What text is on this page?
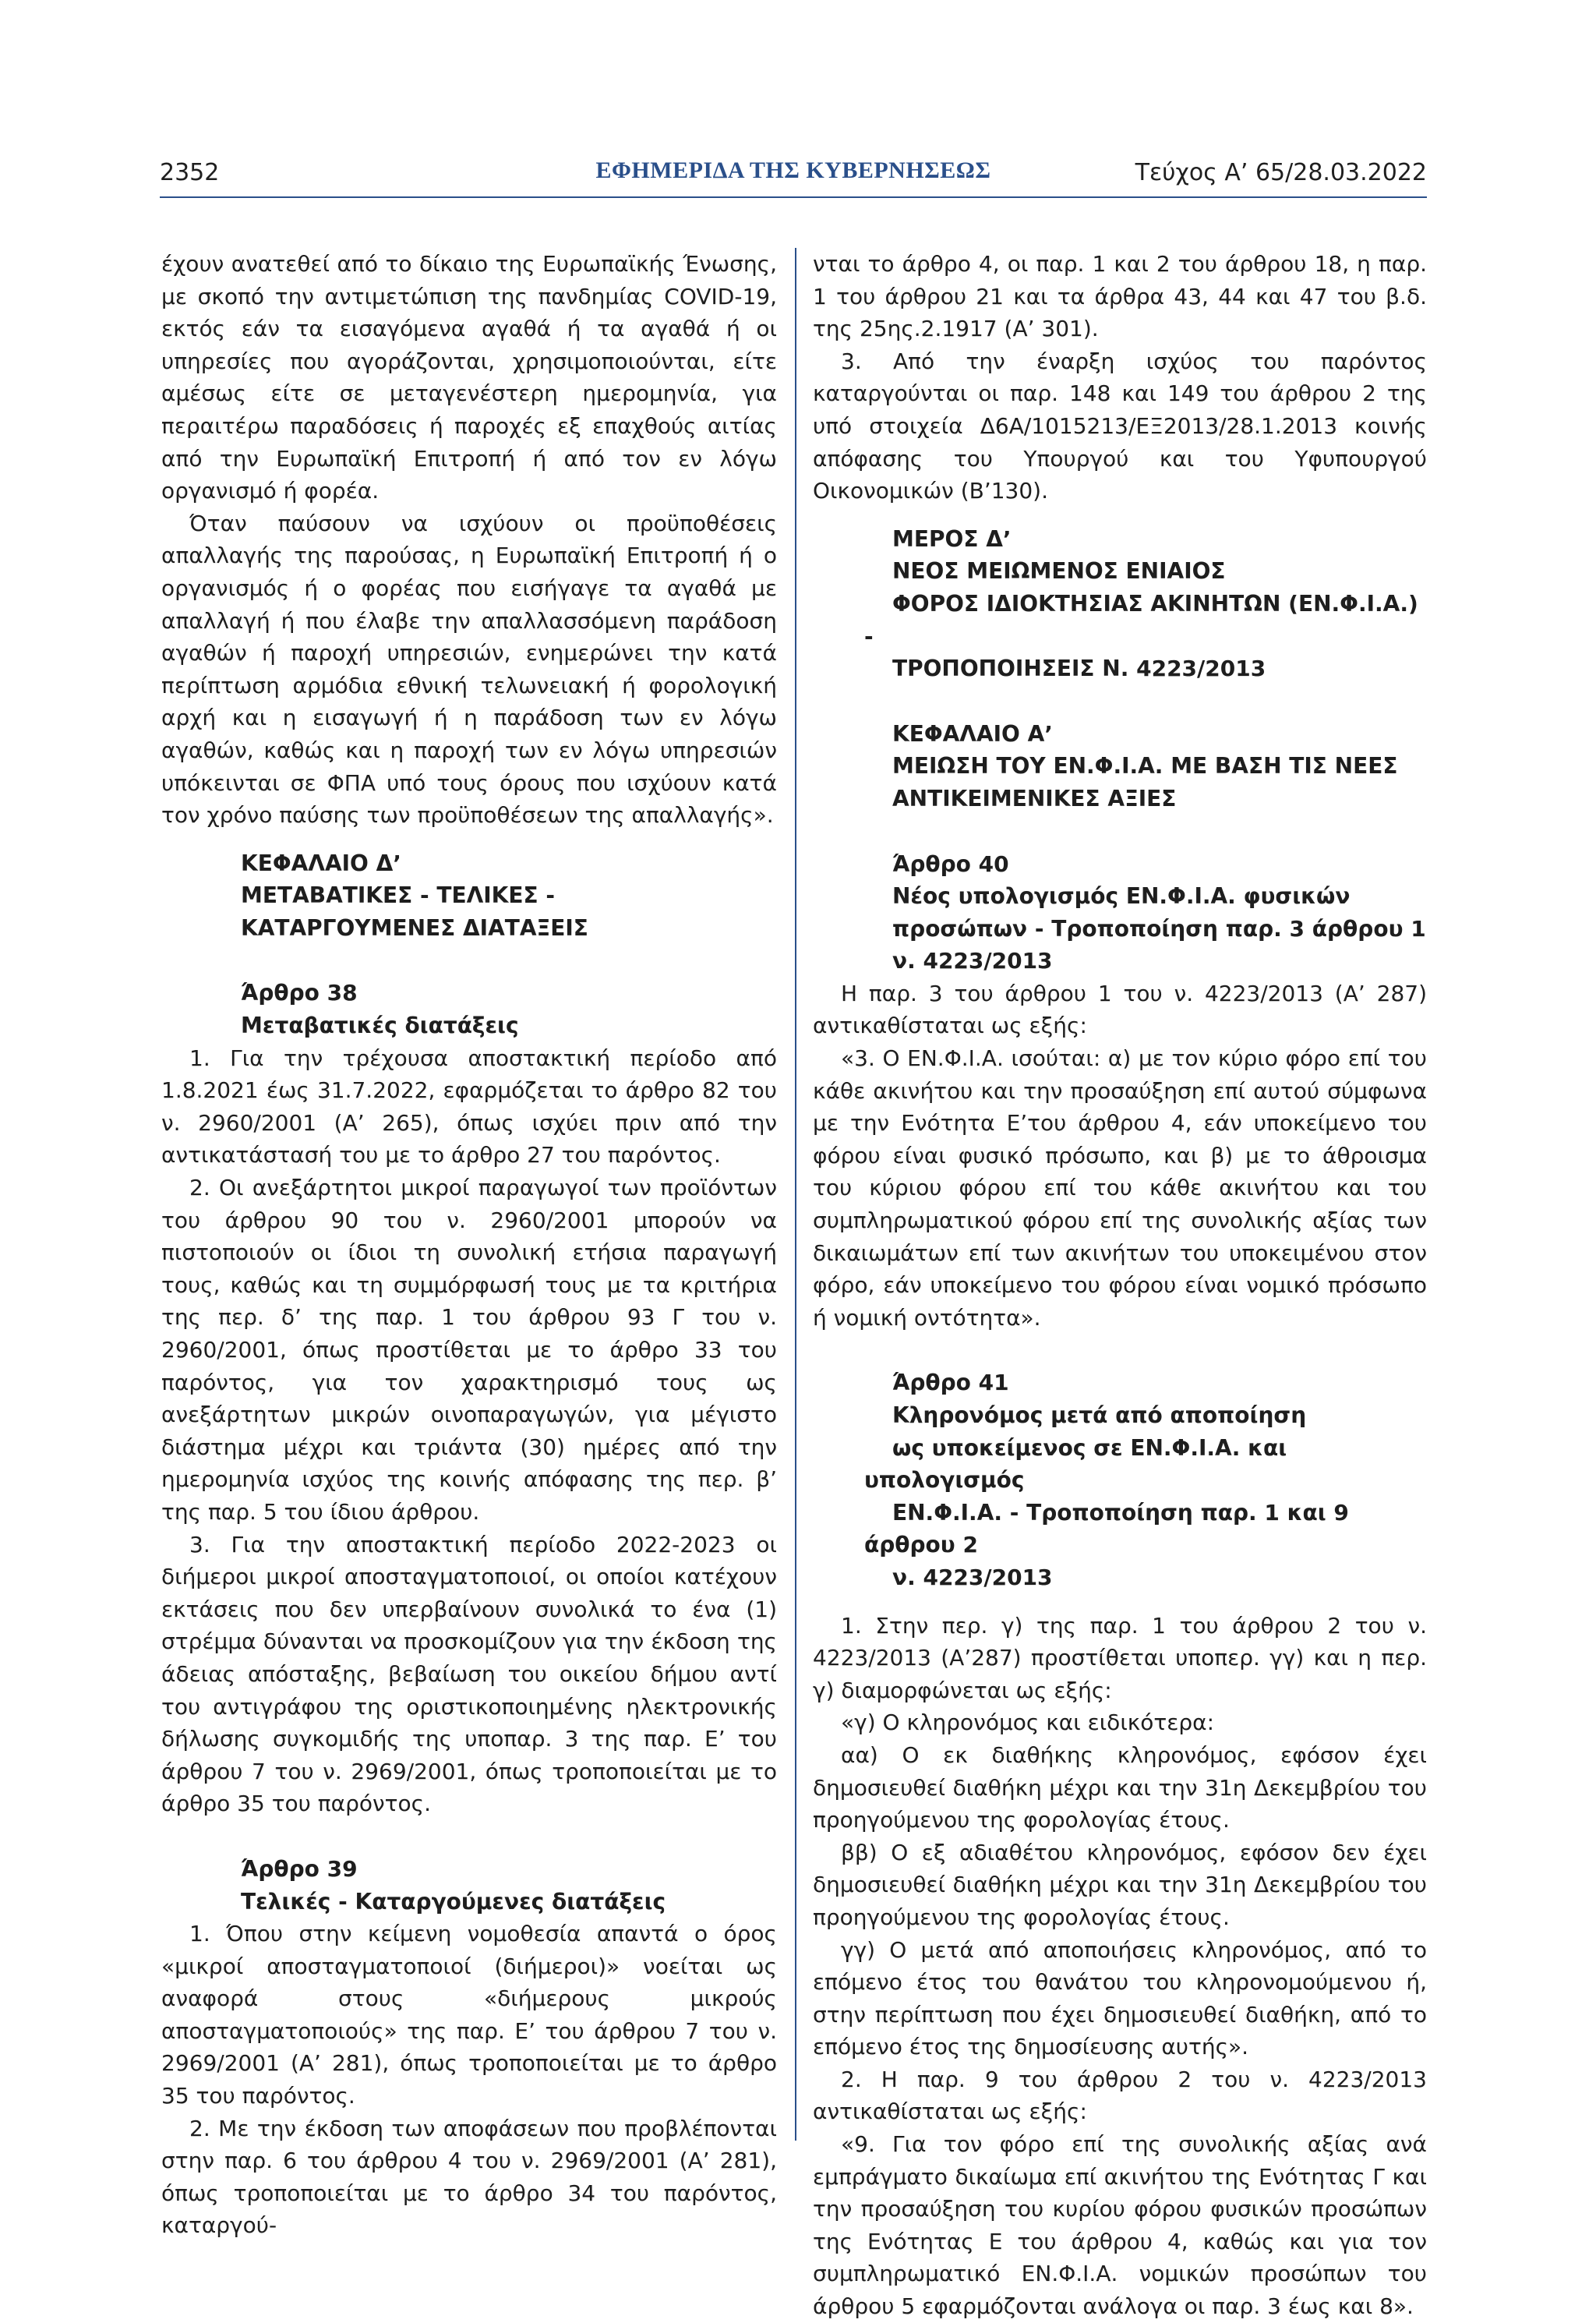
2352	ΕΦΗΜΕΡΙΔΑ ΤΗΣ ΚΥΒΕΡΝΗΣΕΩΣ	Τεύχος Α’ 65/28.03.2022

έχουν ανατεθεί από το δίκαιο της Ευρωπαϊκής Ένωσης, με σκοπό την αντιμετώπιση της πανδημίας COVID-19, εκτός εάν τα εισαγόμενα αγαθά ή τα αγαθά ή οι υπηρεσίες που αγοράζονται, χρησιμοποιούνται, είτε αμέσως είτε σε μεταγενέστερη ημερομηνία, για περαιτέρω παραδόσεις ή παροχές εξ επαχθούς αιτίας από την Ευρωπαϊκή Επιτροπή ή από τον εν λόγω οργανισμό ή φορέα.

Όταν παύσουν να ισχύουν οι προϋποθέσεις απαλλαγής της παρούσας, η Ευρωπαϊκή Επιτροπή ή ο οργανισμός ή ο φορέας που εισήγαγε τα αγαθά με απαλλαγή ή που έλαβε την απαλλασσόμενη παράδοση αγαθών ή παροχή υπηρεσιών, ενημερώνει την κατά περίπτωση αρμόδια εθνική τελωνειακή ή φορολογική αρχή και η εισαγωγή ή η παράδοση των εν λόγω αγαθών, καθώς και η παροχή των εν λόγω υπηρεσιών υπόκεινται σε ΦΠΑ υπό τους όρους που ισχύουν κατά τον χρόνο παύσης των προϋποθέσεων της απαλλαγής».

ΚΕΦΑΛΑΙΟ Δ’

ΜΕΤΑΒΑΤΙΚΕΣ - ΤΕΛΙΚΕΣ -

ΚΑΤΑΡΓΟΥΜΕΝΕΣ ΔΙΑΤΑΞΕΙΣ

Άρθρο 38

Μεταβατικές διατάξεις

1. Για την τρέχουσα αποστακτική περίοδο από 1.8.2021 έως 31.7.2022, εφαρμόζεται το άρθρο 82 του ν. 2960/2001 (Α’ 265), όπως ισχύει πριν από την αντικατάστασή του με το άρθρο 27 του παρόντος.

2. Οι ανεξάρτητοι μικροί παραγωγοί των προϊόντων του άρθρου 90 του ν. 2960/2001 μπορούν να πιστοποιούν οι ίδιοι τη συνολική ετήσια παραγωγή τους, καθώς και τη συμμόρφωσή τους με τα κριτήρια της περ. δ’ της παρ. 1 του άρθρου 93 Γ του ν. 2960/2001, όπως προστίθεται με το άρθρο 33 του παρόντος, για τον χαρακτηρισμό τους ως ανεξάρτητων μικρών οινοπαραγωγών, για μέγιστο διάστημα μέχρι και τριάντα (30) ημέρες από την ημερομηνία ισχύος της κοινής απόφασης της περ. β’ της παρ. 5 του ίδιου άρθρου.

3. Για την αποστακτική περίοδο 2022-2023 οι διήμεροι μικροί αποσταγματοποιοί, οι οποίοι κατέχουν εκτάσεις που δεν υπερβαίνουν συνολικά το ένα (1) στρέμμα δύνανται να προσκομίζουν για την έκδοση της άδειας απόσταξης, βεβαίωση του οικείου δήμου αντί του αντιγράφου της οριστικοποιημένης ηλεκτρονικής δήλωσης συγκομιδής της υποπαρ. 3 της παρ. Ε’ του άρθρου 7 του ν. 2969/2001, όπως τροποποιείται με το άρθρο 35 του παρόντος.

Άρθρο 39

Τελικές - Καταργούμενες διατάξεις

1. Όπου στην κείμενη νομοθεσία απαντά ο όρος «μικροί αποσταγματοποιοί (διήμεροι)» νοείται ως αναφορά στους «διήμερους μικρούς αποσταγματοποιούς» της παρ. Ε’ του άρθρου 7 του ν. 2969/2001 (Α’ 281), όπως τροποποιείται με το άρθρο 35 του παρόντος.

2. Με την έκδοση των αποφάσεων που προβλέπονται στην παρ. 6 του άρθρου 4 του ν. 2969/2001 (Α’ 281), όπως τροποποιείται με το άρθρο 34 του παρόντος, καταργού-

νται το άρθρο 4, οι παρ. 1 και 2 του άρθρου 18, η παρ. 1 του άρθρου 21 και τα άρθρα 43, 44 και 47 του β.δ. της 25ης.2.1917 (Α’ 301).

3. Από την έναρξη ισχύος του παρόντος καταργούνται οι παρ. 148 και 149 του άρθρου 2 της υπό στοιχεία Δ6Α/1015213/ΕΞ2013/28.1.2013 κοινής απόφασης του Υπουργού και του Υφυπουργού Οικονομικών (Β’130).

ΜΕΡΟΣ Δ’

ΝΕΟΣ ΜΕΙΩΜΕΝΟΣ ΕΝΙΑΙΟΣ

ΦΟΡΟΣ ΙΔΙΟΚΤΗΣΙΑΣ ΑΚΙΝΗΤΩΝ (ΕΝ.Φ.Ι.Α.) -

ΤΡΟΠΟΠΟΙΗΣΕΙΣ Ν. 4223/2013

ΚΕΦΑΛΑΙΟ Α’

ΜΕΙΩΣΗ ΤΟΥ ΕΝ.Φ.Ι.Α. ΜΕ ΒΑΣΗ ΤΙΣ ΝΕΕΣ

ΑΝΤΙΚΕΙΜΕΝΙΚΕΣ ΑΞΙΕΣ

Άρθρο 40

Νέος υπολογισμός ΕΝ.Φ.Ι.Α. φυσικών

προσώπων - Τροποποίηση παρ. 3 άρθρου 1

ν. 4223/2013

Η παρ. 3 του άρθρου 1 του ν. 4223/2013 (Α’ 287) αντικαθίσταται ως εξής:

«3. Ο ΕΝ.Φ.Ι.Α. ισούται: α) με τον κύριο φόρο επί του κάθε ακινήτου και την προσαύξηση επί αυτού σύμφωνα με την Ενότητα Ε’του άρθρου 4, εάν υποκείμενο του φόρου είναι φυσικό πρόσωπο, και β) με το άθροισμα του κύριου φόρου επί του κάθε ακινήτου και του συμπληρωματικού φόρου επί της συνολικής αξίας των δικαιωμάτων επί των ακινήτων του υποκειμένου στον φόρο, εάν υποκείμενο του φόρου είναι νομικό πρόσωπο ή νομική οντότητα».

Άρθρο 41

Κληρονόμος μετά από αποποίηση

ως υποκείμενος σε ΕΝ.Φ.Ι.Α. και υπολογισμός

ΕΝ.Φ.Ι.Α. - Τροποποίηση παρ. 1 και 9 άρθρου 2

ν. 4223/2013

1. Στην περ. γ) της παρ. 1 του άρθρου 2 του ν. 4223/2013 (Α’287) προστίθεται υποπερ. γγ) και η περ. γ) διαμορφώνεται ως εξής:

«γ) Ο κληρονόμος και ειδικότερα:

αα) Ο εκ διαθήκης κληρονόμος, εφόσον έχει δημοσιευθεί διαθήκη μέχρι και την 31η Δεκεμβρίου του προηγούμενου της φορολογίας έτους.

ββ) Ο εξ αδιαθέτου κληρονόμος, εφόσον δεν έχει δημοσιευθεί διαθήκη μέχρι και την 31η Δεκεμβρίου του προηγούμενου της φορολογίας έτους.

γγ) Ο μετά από αποποιήσεις κληρονόμος, από το επόμενο έτος του θανάτου του κληρονομούμενου ή, στην περίπτωση που έχει δημοσιευθεί διαθήκη, από το επόμενο έτος της δημοσίευσης αυτής».

2. Η παρ. 9 του άρθρου 2 του ν. 4223/2013 αντικαθίσταται ως εξής:

«9. Για τον φόρο επί της συνολικής αξίας ανά εμπράγματο δικαίωμα επί ακινήτου της Ενότητας Γ και την προσαύξηση του κυρίου φόρου φυσικών προσώπων της Ενότητας Ε του άρθρου 4, καθώς και για τον συμπληρωματικό ΕΝ.Φ.Ι.Α. νομικών προσώπων του άρθρου 5 εφαρμόζονται ανάλογα οι παρ. 3 έως και 8».
